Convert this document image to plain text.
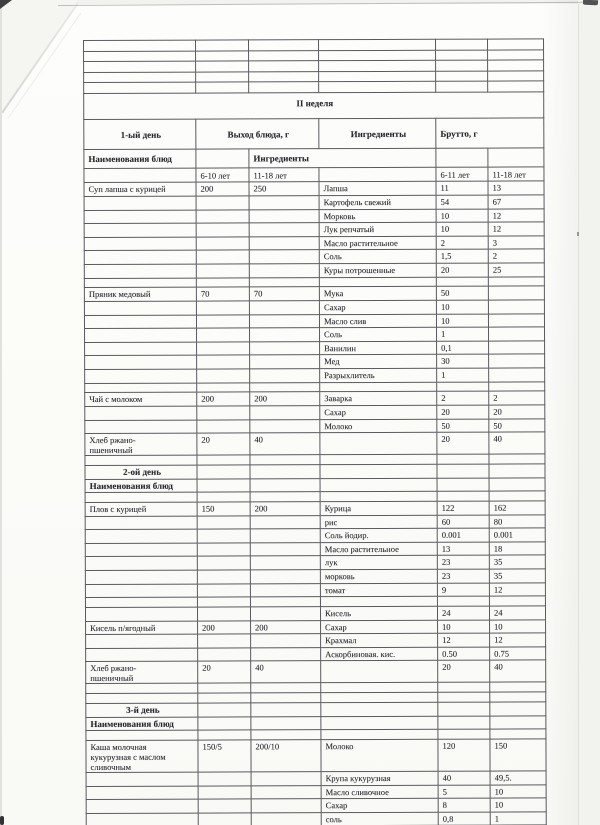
II неделя					
1-ый день	Выход блюда, г		Ингредиенты	Брутто, г	
Наименования блюд		Ингредиенты			
	6-10 лет	11-18 лет		6-11 лет	11-18 лет
Суп лапша с курицей	200	250	Лапша	11	13
			Картофель свежий	54	67
			Морковь	10	12
			Лук репчатый	10	12
			Масло растительное	2	3
			Соль	1,5	2
			Куры потрошенные	20	25

Пряник медовый	70	70	Мука	50	
			Сахар	10	
			Масло слив	10	
			Соль	1	
			Ванилин	0,1	
			Мед	30	
			Разрыхлитель	1	

Чай с молоком	200	200	Заварка	2	2
			Сахар	20	20
			Молоко	50	50
Хлеб ржано-
пшеничный	20	40		20	40

2-ой день					
Наименования блюд					

Плов с курицей	150	200	Курица	122	162
			рис	60	80
			Соль йодир.	0.001	0.001
			Масло растительное	13	18
			лук	23	35
			морковь	23	35
			томат	9	12

			Кисель	24	24
Кисель п/ягодный	200	200	Сахар	10	10
			Крахмал	12	12
			Аскорбиновая. кис.	0.50	0.75
Хлеб ржано-
пшеничный	20	40		20	40

3-й день					
Наименования блюд					

Каша молочная
кукурузная с маслом
сливочным	150/5	200/10	Молоко	120	150
			Крупа кукурузная	40	49,5.
			Масло сливочное	5	10
			Сахар	8	10
			соль	0,8	1
